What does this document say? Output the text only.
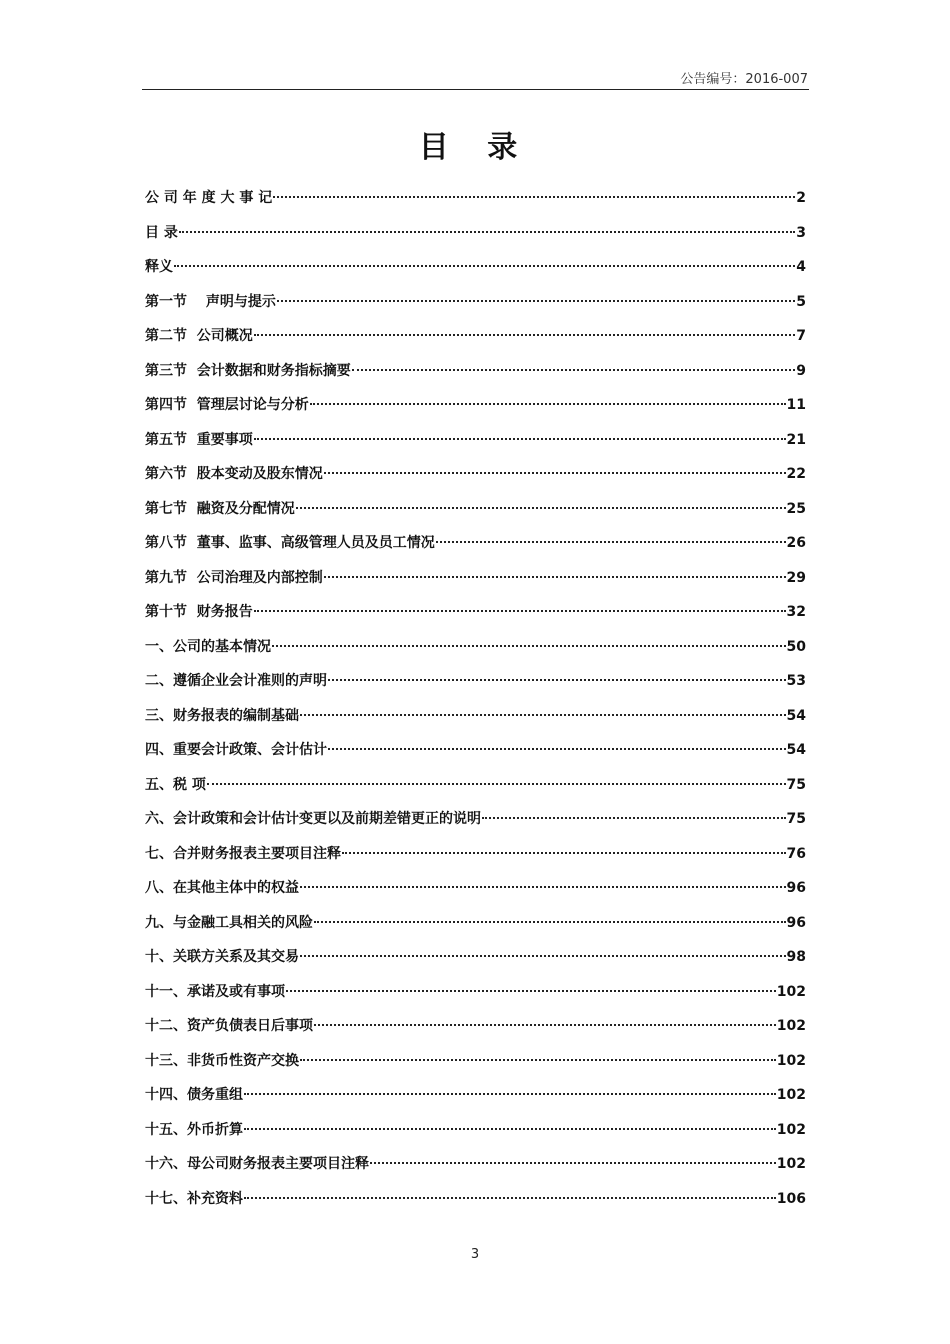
公告编号：2016-007
目 录
公 司 年 度 大 事 记	2
目 录	3
释义	4
第一节　 声明与提示	5
第二节  公司概况	7
第三节  会计数据和财务指标摘要	9
第四节  管理层讨论与分析	11
第五节  重要事项	21
第六节  股本变动及股东情况	22
第七节  融资及分配情况	25
第八节  董事、监事、高级管理人员及员工情况	26
第九节  公司治理及内部控制	29
第十节  财务报告	32
一、公司的基本情况	50
二、遵循企业会计准则的声明	53
三、财务报表的编制基础	54
四、重要会计政策、会计估计	54
五、税 项	75
六、会计政策和会计估计变更以及前期差错更正的说明	75
七、合并财务报表主要项目注释	76
八、在其他主体中的权益	96
九、与金融工具相关的风险	96
十、关联方关系及其交易	98
十一、承诺及或有事项	102
十二、资产负债表日后事项	102
十三、非货币性资产交换	102
十四、债务重组	102
十五、外币折算	102
十六、母公司财务报表主要项目注释	102
十七、补充资料	106
3
